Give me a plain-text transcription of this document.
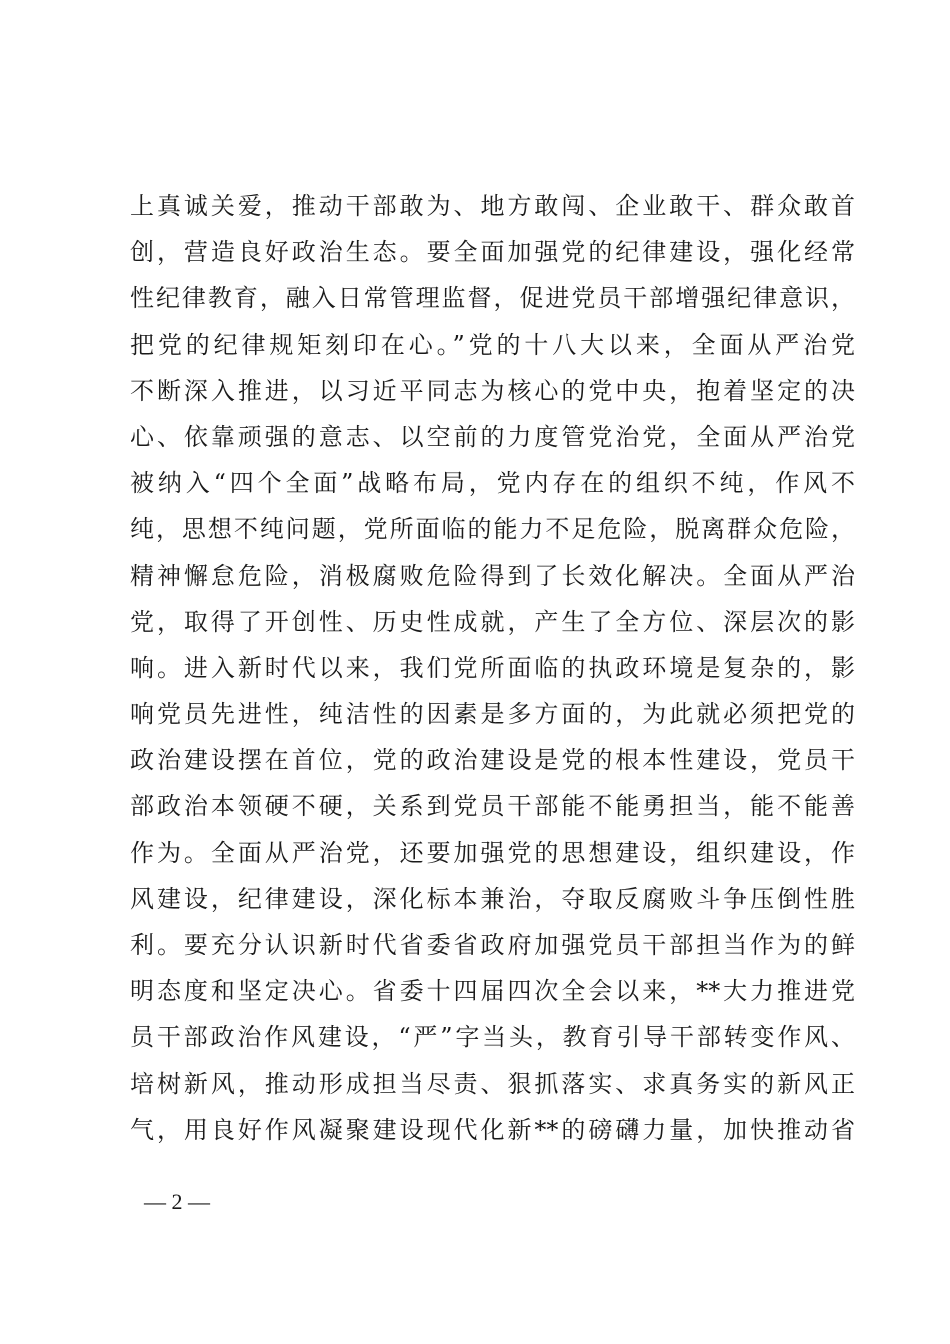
上真诚关爱，推动干部敢为、地方敢闯、企业敢干、群众敢首
创，营造良好政治生态。要全面加强党的纪律建设，强化经常
性纪律教育，融入日常管理监督，促进党员干部增强纪律意识，
把党的纪律规矩刻印在心。”党的十八大以来，全面从严治党
不断深入推进，以习近平同志为核心的党中央，抱着坚定的决
心、依靠顽强的意志、以空前的力度管党治党，全面从严治党
被纳入“四个全面”战略布局，党内存在的组织不纯，作风不
纯，思想不纯问题，党所面临的能力不足危险，脱离群众危险，
精神懈怠危险，消极腐败危险得到了长效化解决。全面从严治
党，取得了开创性、历史性成就，产生了全方位、深层次的影
响。进入新时代以来，我们党所面临的执政环境是复杂的，影
响党员先进性，纯洁性的因素是多方面的，为此就必须把党的
政治建设摆在首位，党的政治建设是党的根本性建设，党员干
部政治本领硬不硬，关系到党员干部能不能勇担当，能不能善
作为。全面从严治党，还要加强党的思想建设，组织建设，作
风建设，纪律建设，深化标本兼治，夺取反腐败斗争压倒性胜
利。要充分认识新时代省委省政府加强党员干部担当作为的鲜
明态度和坚定决心。省委十四届四次全会以来，**大力推进党
员干部政治作风建设，“严”字当头，教育引导干部转变作风、
培树新风，推动形成担当尽责、狠抓落实、求真务实的新风正
气，用良好作风凝聚建设现代化新**的磅礴力量，加快推动省
— 2 —
